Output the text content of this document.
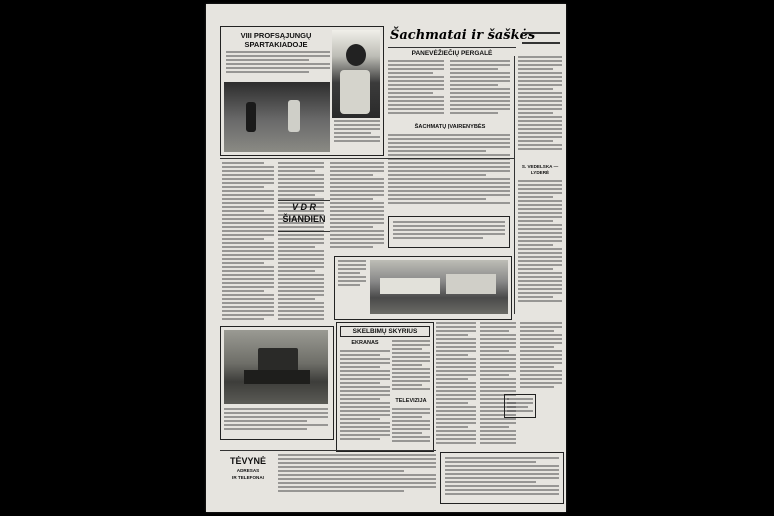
VIII PROFSĄJUNGŲ
SPARTAKIADOJE
Šachmatai ir šaškės
PANEVĖŽIEČIŲ PERGALĖ
ŠACHMATŲ ĮVAIRENYBĖS
S. VEDELSKA — LYDERĖ
V D R
ŠIANDIEN
SKELBIMŲ SKYRIUS
EKRANAS
TELEVIZIJA
TĖVYNĖ
ADRESAS
IR TELEFONAI
